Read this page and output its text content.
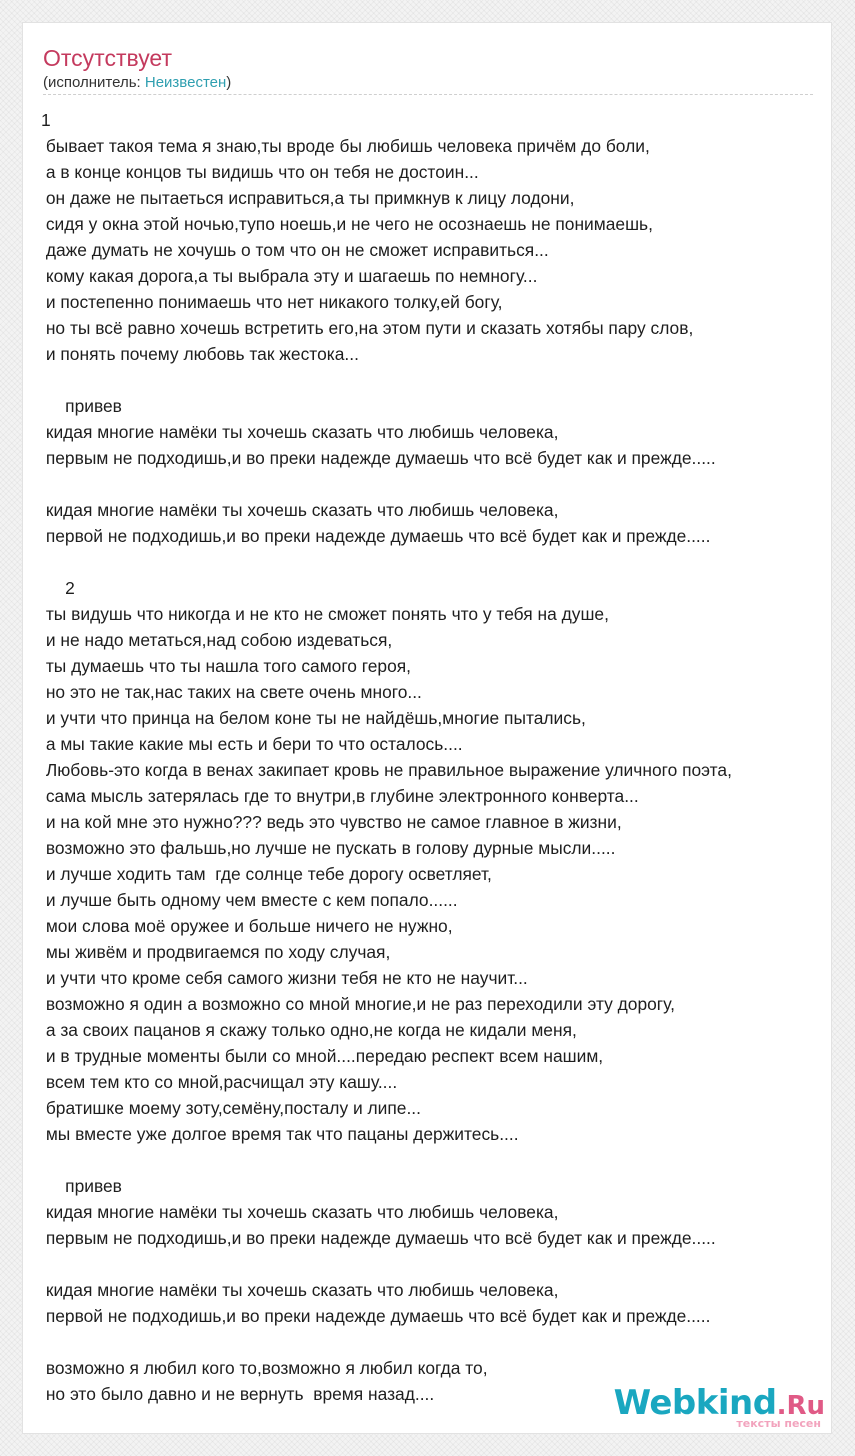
Отсутствует
(исполнитель: Неизвестен)
1
бывает такоя тема я знаю,ты вроде бы любишь человека причём до боли,
а в конце концов ты видишь что он тебя не достоин...
он даже не пытаеться исправиться,а ты примкнув к лицу лодони,
сидя у окна этой ночью,тупо ноешь,и не чего не осознаешь не понимаешь,
даже думать не хочушь о том что он не сможет исправиться...
кому какая дорога,а ты выбрала эту и шагаешь по немногу...
и постепенно понимаешь что нет никакого толку,ей богу,
но ты всё равно хочешь встретить его,на этом пути и сказать хотябы пару слов,
и понять почему любовь так жестока...

привев
кидая многие намёки ты хочешь сказать что любишь человека,
первым не подходишь,и во преки надежде думаешь что всё будет как и прежде.....

кидая многие намёки ты хочешь сказать что любишь человека,
первой не подходишь,и во преки надежде думаешь что всё будет как и прежде.....

2
ты видушь что никогда и не кто не сможет понять что у тебя на душе,
и не надо метаться,над собою издеваться,
ты думаешь что ты нашла того самого героя,
но это не так,нас таких на свете очень много...
и учти что принца на белом коне ты не найдёшь,многие пытались,
а мы такие какие мы есть и бери то что осталось....
Любовь-это когда в венах закипает кровь не правильное выражение уличного поэта,
сама мысль затерялась где то внутри,в глубине электронного конверта...
и на кой мне это нужно??? ведь это чувство не самое главное в жизни,
возможно это фальшь,но лучше не пускать в голову дурные мысли.....
и лучше ходить там  где солнце тебе дорогу осветляет,
и лучше быть одному чем вместе с кем попало......
мои слова моё оружее и больше ничего не нужно,
мы живём и продвигаемся по ходу случая,
и учти что кроме себя самого жизни тебя не кто не научит...
возможно я один а возможно со мной многие,и не раз переходили эту дорогу,
а за своих пацанов я скажу только одно,не когда не кидали меня,
и в трудные моменты были со мной....передаю респект всем нашим,
всем тем кто со мной,расчищал эту кашу....
братишке моему зоту,семёну,посталу и липе...
мы вместе уже долгое время так что пацаны держитесь....

привев
кидая многие намёки ты хочешь сказать что любишь человека,
первым не подходишь,и во преки надежде думаешь что всё будет как и прежде.....

кидая многие намёки ты хочешь сказать что любишь человека,
первой не подходишь,и во преки надежде думаешь что всё будет как и прежде.....

возможно я любил кого то,возможно я любил когда то,
но это было давно и не вернуть  время назад....	Webkind.Ru
тексты песен
